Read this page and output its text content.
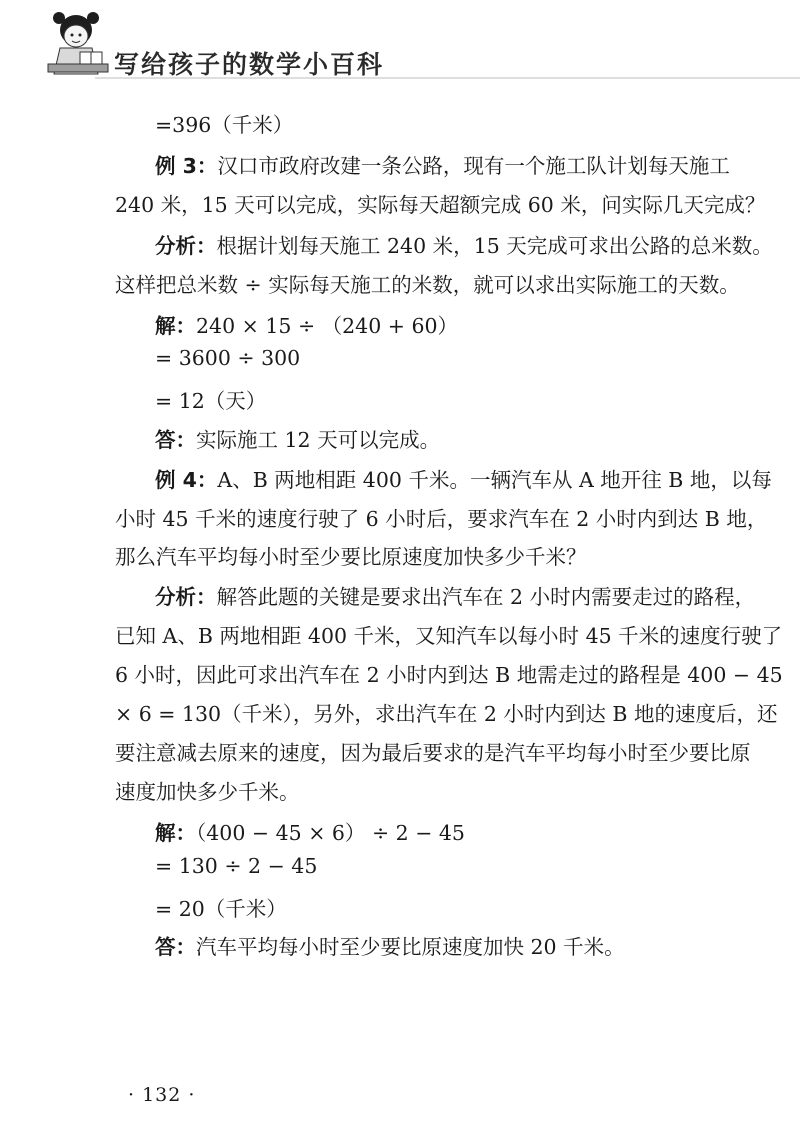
写给孩子的数学小百科
=396（千米）
例 3：汉口市政府改建一条公路，现有一个施工队计划每天施工
240 米，15 天可以完成，实际每天超额完成 60 米，问实际几天完成？
分析：根据计划每天施工 240 米，15 天完成可求出公路的总米数。
这样把总米数 ÷ 实际每天施工的米数，就可以求出实际施工的天数。
解：240 × 15 ÷ （240 + 60）
= 3600 ÷ 300
= 12（天）
答：实际施工 12 天可以完成。
例 4：A、B 两地相距 400 千米。一辆汽车从 A 地开往 B 地，以每
小时 45 千米的速度行驶了 6 小时后，要求汽车在 2 小时内到达 B 地，
那么汽车平均每小时至少要比原速度加快多少千米？
分析：解答此题的关键是要求出汽车在 2 小时内需要走过的路程，
已知 A、B 两地相距 400 千米，又知汽车以每小时 45 千米的速度行驶了
6 小时，因此可求出汽车在 2 小时内到达 B 地需走过的路程是 400 − 45
× 6 = 130（千米），另外，求出汽车在 2 小时内到达 B 地的速度后，还
要注意减去原来的速度，因为最后要求的是汽车平均每小时至少要比原
速度加快多少千米。
解：（400 − 45 × 6） ÷ 2 − 45
= 130 ÷ 2 − 45
= 20（千米）
答：汽车平均每小时至少要比原速度加快 20 千米。
· 132 ·
